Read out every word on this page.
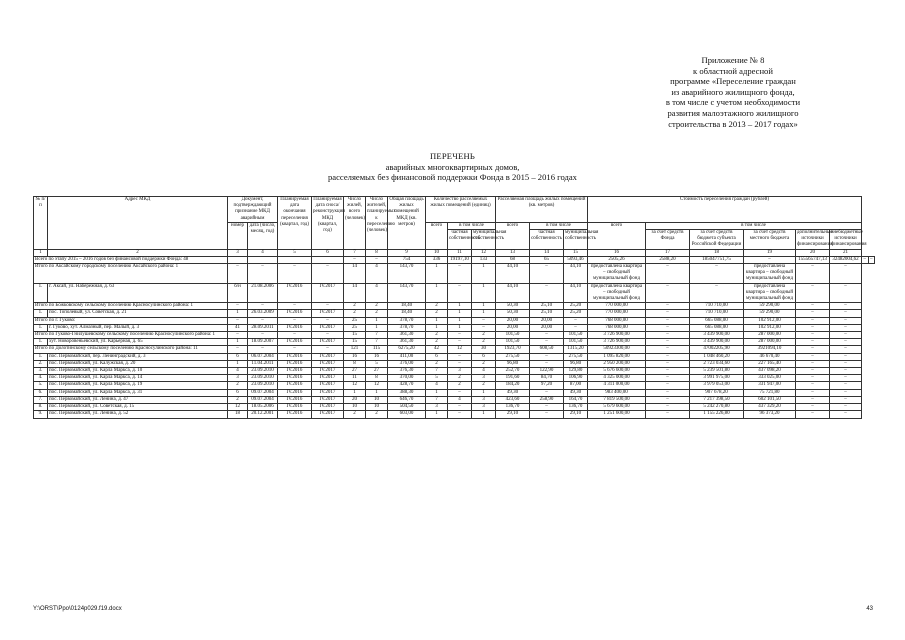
Приложение № 8
к областной адресной
программе «Переселение граждан
из аварийного жилищного фонда,
в том числе с учетом необходимости
развития малоэтажного жилищного
строительства в 2013 – 2017 годах»
ПЕРЕЧЕНЬ
аварийных многоквартирных домов,
расселяемых без финансовой поддержки Фонда в 2015 – 2016 годах
№ п/п	Адрес МКД	Документ, подтверждающий признание МКД аварийным		Планируемая дата окончания переселения (квартал, год)	Планируемая дата сноса/реконструкции МКД (квартал, год)	Число жилей, всего (человек)	Число жителей, планируемых к переселению (человек)	Общая площадь жилых помещений МКД (кв. метров)	Количество расселяемых жилых помещений (единиц)			Расселяемая площадь жилых помещений (кв. метров)			Стоимость переселения граждан (рублей)							
		номер	дата (число, месяц, год)						всего	в том числе		всего	в том числе		всего	в том числе						
										частная собственность	муниципальная собственность		частная собственность	муниципальная собственность		за счет средств Фонда	за счет средств бюджета субъекта Российской Федерации	за счет средств местного бюджета	дополнительные источники финансирования	внебюджетные источники финансирования		
1	2	3	4	5	6	7	8	9	10	11	12	13	14	15	16	17	18	19	20	21		
Всего по этапу 2015 – 2016 годов без финансовой поддержки Фонда: 48						–	–	754	336	19197,10	133	68	65	5093,46	2505,26	2588,20	185047751,75	–	155565747,13	32482004,62	–	–
Итого по Аксайскому городскому поселению Аксайского района: 1		–	–	–	–	14	4	143,70	1	–	1	44,10	–	44,10	предоставлена квартира – свободный муниципальный фонд	–	–	предоставлена квартира – свободный муниципальный фонд	–	–		
1.	г. Аксай, ул. Набережная, д. 63	б/н	21.08.2006	IV.2016	IV.2017	14	4	143,70	1	–	1	44,10	–	44,10	предоставлена квартира – свободный муниципальный фонд	–	–	предоставлена квартира – свободный муниципальный фонд	–	–		
Итого по Божковскому сельскому поселению Красносулинского района: 1		–	–	–	–	2	2	18,40	2	1	1	50,30	25,10	25,20	770 000,00	–	710 710,00	59 290,00	–	–		
1.	пос. Тополевый, ул. Советская, д. 21	1	26.03.2009	IV.2016	IV.2017	2	2	18,40	2	1	1	50,30	25,10	25,20	770 000,00	–	710 710,00	59 290,00	–	–		
Итого по г. Гуково:		–	–	–	–	25	1	378,70	1	1	–	20,00	20,00	–	768 000,00	–	665 088,00	102 912,00	–	–		
1.	г. Гуково, хут. Алмазный, пер. Малый, д. 3	41	28.09.2011	IV.2016	IV.2017	25	1	378,70	1	1	–	20,00	20,00	–	768 000,00	–	665 088,00	102 912,00	–	–		
Итого по Гуково-Гнилушевскому сельскому поселению Красносулинского района: 1		–	–	–	–	15	7	361,30	2	–	2	101,50	–	101,50	3 726 900,00	–	3 439 900,00	287 000,00	–	–		
1.	хут. Новоровеньевский, ул. Карьерная, д. 65	1	18.09.2007	IV.2016	IV.2017	15	7	361,30	2	–	2	101,50	–	101,50	3 726 900,00	–	3 439 900,00	287 000,00	–	–		
Итого по Долотинскому сельскому поселению Красносулинского района: 11		–	–	–	–	121	115	6275,20	42	12	30	1923,70	608,50	1315,20	50923300,00	–	47002205,90	3921094,10	–	–		
1.	пос. Первомайский, пер. Ленинградский, д. 3	6	06.07.2004	IV.2016	IV.2017	16	16	411,00	6	–	6	275,50	–	275,50	1 095 820,00	–	1 048 460,20	46 670,40	–	–		
2.	пос. Первомайский, ул. Калужская, д. 20	1	11.04.2011	IV.2016	IV.2017	8	5	376,00	2	–	2	96,80	–	96,80	2 950 200,00	–	2 723 034,60	227 165,40	–	–		
3.	пос. Первомайский, ул. Карла Маркса, д. 10	4	23.09.2010	IV.2016	IV.2017	27	27	376,30	7	3	4	252,70	122,90	129,80	5 676 600,00	–	5 239 501,80	437 098,20	–	–		
4.	пос. Первомайский, ул. Карла Маркса, д. 14	3	23.09.2010	IV.2016	IV.2017	11	8	370,00	5	2	3	191,60	84,70	106,90	4 325 000,00	–	3 991 975,00	333 025,00	–	–		
5.	пос. Первомайский, ул. Карла Маркса, д. 19	2	23.09.2010	IV.2016	IV.2017	12	12	428,70	4	2	2	184,20	97,20	87,00	4 311 000,00	–	3 979 053,00	331 947,00	–	–		
6.	пос. Первомайский, ул. Карла Маркса, д. 31	6	09.07.2004	IV.2016	IV.2017	1	1	388,30	1	–	1	49,30	–	49,30	983 400,00	–	907 678,20	75 721,80	–	–		
7.	пос. Первомайский, ул. Ленина, д. 47	2	09.07.2004	IV.2016	IV.2017	20	10	646,70	7	4	3	423,60	258,90	164,70	7 819 500,00	–	7 217 398,50	602 101,50	–	–		
8.	пос. Первомайский, ул. Советская, д. 15	12	18.05.2006	IV.2016	IV.2017	10	10	504,50	3	–	3	136,70	–	136,70	5 679 600,00	–	5 242 270,80	437 329,20	–	–		
9.	пос. Первомайский, ул. Ленина, д. 52	18	20.12.2001	IV.2016	IV.2017	2	2	603,00	1	–	1	29,10	–	29,10	1 251 600,00	–	1 155 226,80	96 373,20	–	–		
Y:\ORST\Ppo\0124p029.f19.docx	43
